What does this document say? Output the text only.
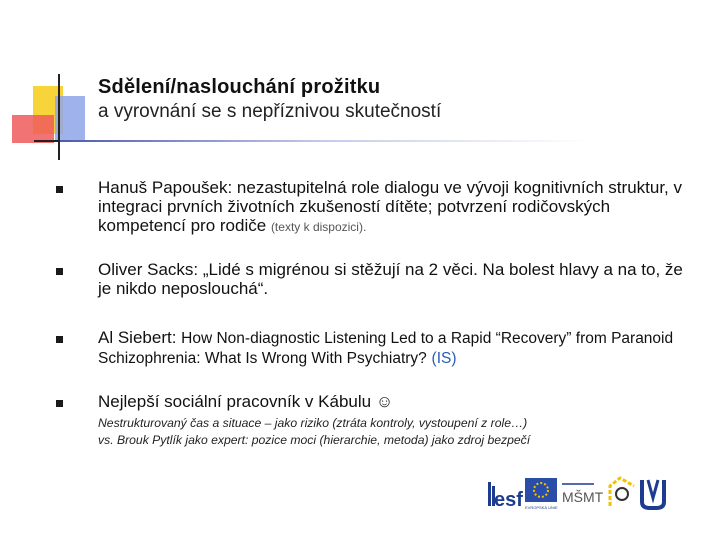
Sdělení/naslouchání prožitku
a vyrovnání se s nepříznivou skutečností
Hanuš Papoušek: nezastupitelná role dialogu ve vývoji kognitivních struktur, v integraci prvních životních zkušeností dítěte; potvrzení rodičovských kompetencí pro rodiče (texty k dispozici).
Oliver Sacks: „Lidé s migrénou si stěžují na 2 věci. Na bolest hlavy a na to, že je nikdo neposlouchá“.
Al Siebert: How Non-diagnostic Listening Led to a Rapid “Recovery” from Paranoid Schizophrenia: What Is Wrong With Psychiatry? (IS)
Nejlepší sociální pracovník v Kábulu ☺
Nestrukturovaný čas a situace – jako riziko (ztráta kontroly, vystoupení z role…)
vs. Brouk Pytlík jako expert: pozice moci (hierarchie, metoda) jako zdroj bezpečí
esf EVROPSKÁ UNIE
MŠMT
